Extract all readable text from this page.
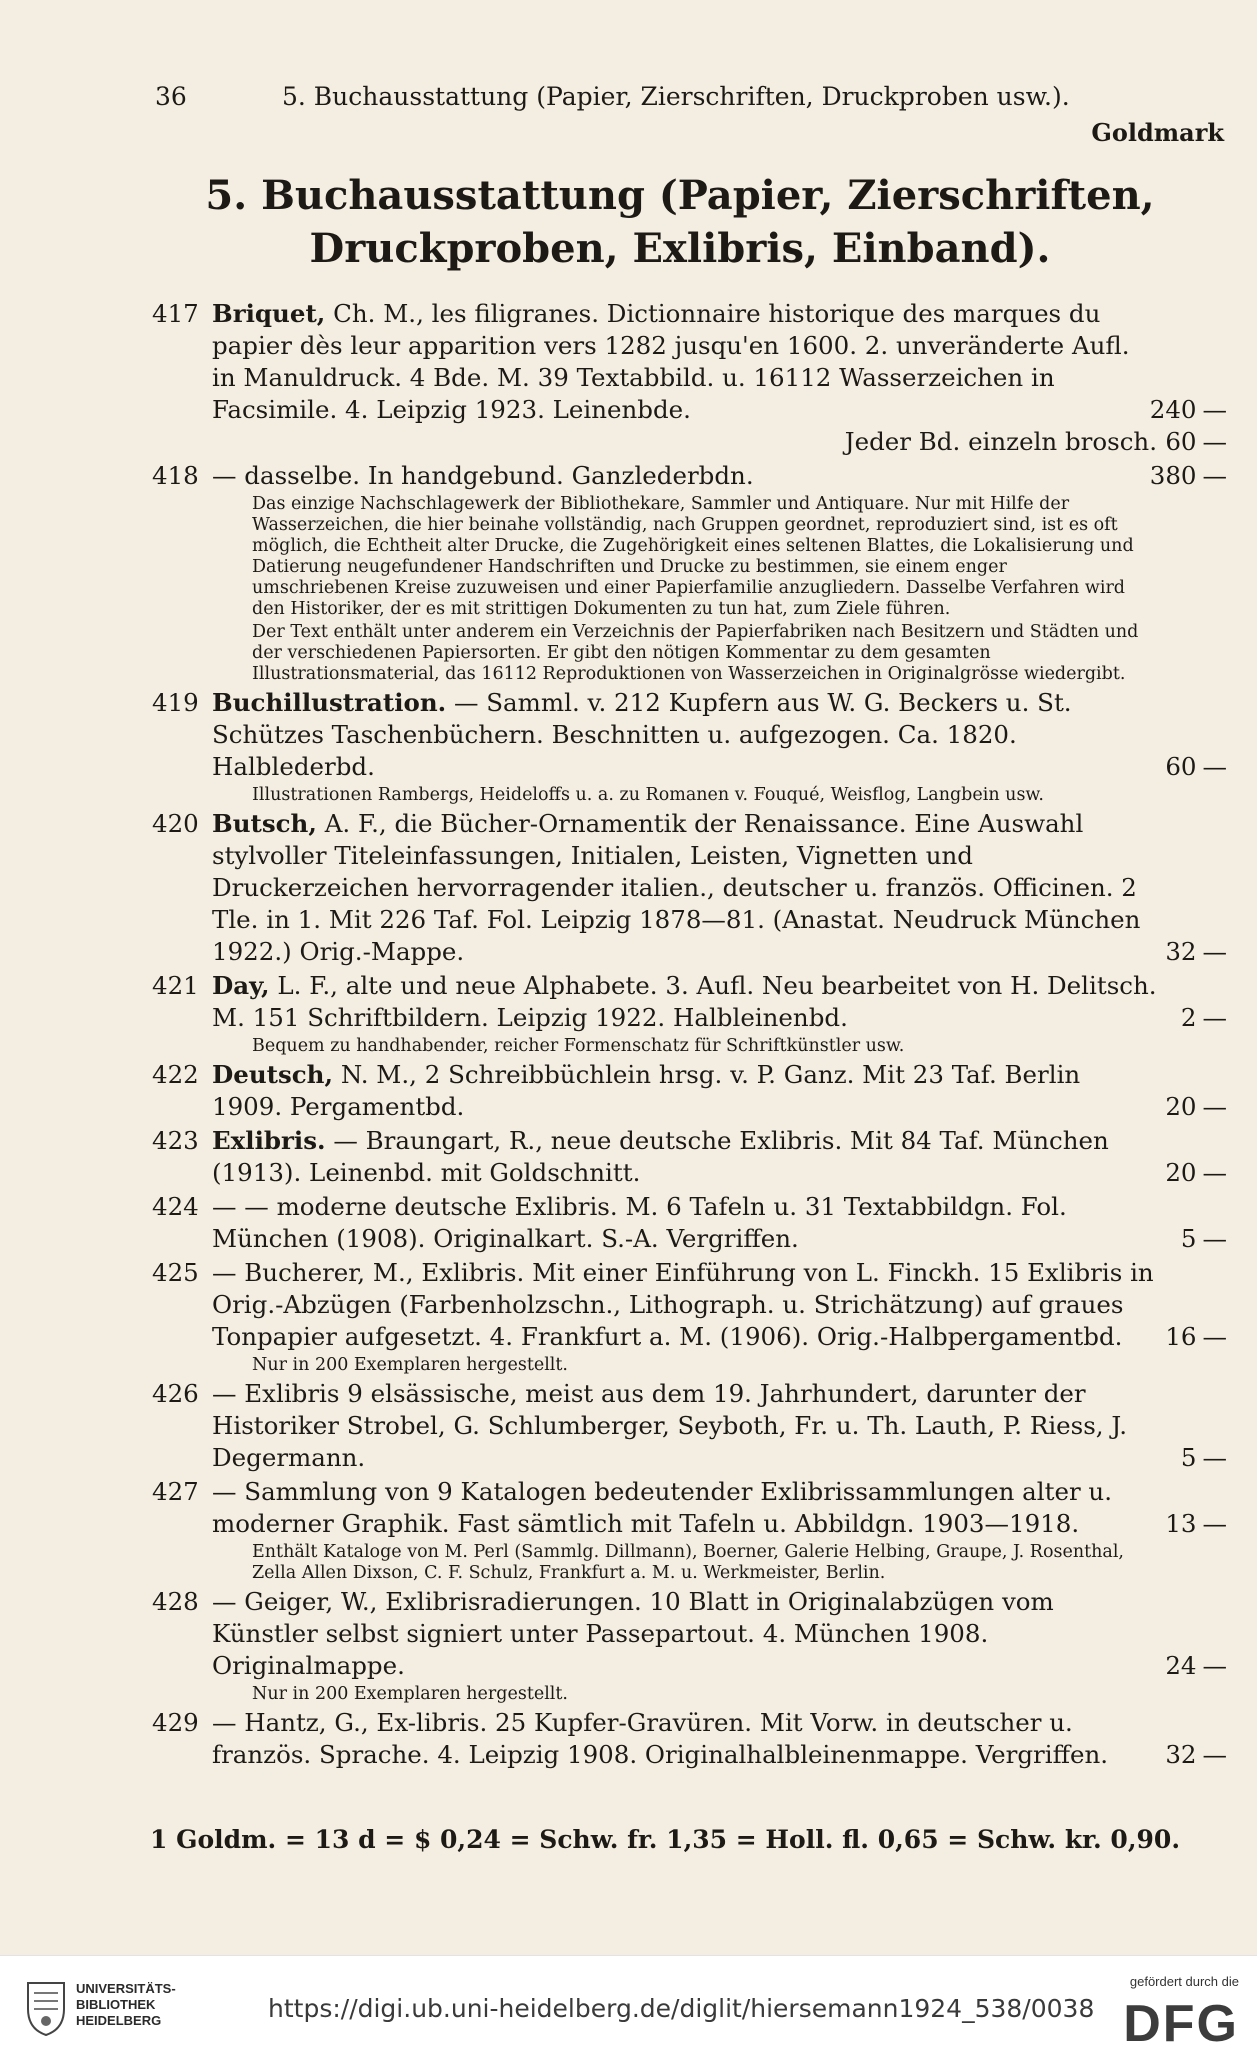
36	5. Buchausstattung (Papier, Zierschriften, Druckproben usw.).
Goldmark
5. Buchausstattung (Papier, Zierschriften,
Druckproben, Exlibris, Einband).
417 Briquet, Ch. M., les filigranes. Dictionnaire historique des marques du papier dès leur apparition vers 1282 jusqu'en 1600. 2. unveränderte Aufl. in Manuldruck. 4 Bde. M. 39 Textabbild. u. 16112 Wasserzeichen in Facsimile. 4. Leipzig 1923. Leinenbde.	240 —
Jeder Bd. einzeln brosch. 60 —
418 — dasselbe. In handgebund. Ganzlederbdn.	380 —
Das einzige Nachschlagewerk der Bibliothekare, Sammler und Antiquare. Nur mit Hilfe der Wasserzeichen, die hier beinahe vollständig, nach Gruppen geordnet, reproduziert sind, ist es oft möglich, die Echtheit alter Drucke, die Zugehörigkeit eines seltenen Blattes, die Lokalisierung und Datierung neugefundener Handschriften und Drucke zu bestimmen, sie einem enger umschriebenen Kreise zuzuweisen und einer Papierfamilie anzugliedern. Dasselbe Verfahren wird den Historiker, der es mit strittigen Dokumenten zu tun hat, zum Ziele führen.
Der Text enthält unter anderem ein Verzeichnis der Papierfabriken nach Besitzern und Städten und der verschiedenen Papiersorten. Er gibt den nötigen Kommentar zu dem gesamten Illustrationsmaterial, das 16112 Reproduktionen von Wasserzeichen in Originalgrösse wiedergibt.
419 Buchillustration. — Samml. v. 212 Kupfern aus W. G. Beckers u. St. Schützes Taschenbüchern. Beschnitten u. aufgezogen. Ca. 1820. Halblederbd.	60 —
Illustrationen Rambergs, Heideloffs u. a. zu Romanen v. Fouqué, Weisflog, Langbein usw.
420 Butsch, A. F., die Bücher-Ornamentik der Renaissance. Eine Auswahl stylvoller Titeleinfassungen, Initialen, Leisten, Vignetten und Druckerzeichen hervorragender italien., deutscher u. französ. Officinen. 2 Tle. in 1. Mit 226 Taf. Fol. Leipzig 1878—81. (Anastat. Neudruck München 1922.) Orig.-Mappe.	32 —
421 Day, L. F., alte und neue Alphabete. 3. Aufl. Neu bearbeitet von H. Delitsch. M. 151 Schriftbildern. Leipzig 1922. Halbleinenbd.	2 —
Bequem zu handhabender, reicher Formenschatz für Schriftkünstler usw.
422 Deutsch, N. M., 2 Schreibbüchlein hrsg. v. P. Ganz. Mit 23 Taf. Berlin 1909. Pergamentbd.	20 —
423 Exlibris. — Braungart, R., neue deutsche Exlibris. Mit 84 Taf. München (1913). Leinenbd. mit Goldschnitt.	20 —
424 — — moderne deutsche Exlibris. M. 6 Tafeln u. 31 Textabbildgn. Fol. München (1908). Originalkart. S.-A. Vergriffen.	5 —
425 — Bucherer, M., Exlibris. Mit einer Einführung von L. Finckh. 15 Exlibris in Orig.-Abzügen (Farbenholzschn., Lithograph. u. Strichätzung) auf graues Tonpapier aufgesetzt. 4. Frankfurt a. M. (1906). Orig.-Halbpergamentbd.	16 —
Nur in 200 Exemplaren hergestellt.
426 — Exlibris 9 elsässische, meist aus dem 19. Jahrhundert, darunter der Historiker Strobel, G. Schlumberger, Seyboth, Fr. u. Th. Lauth, P. Riess, J. Degermann.	5 —
427 — Sammlung von 9 Katalogen bedeutender Exlibrissammlungen alter u. moderner Graphik. Fast sämtlich mit Tafeln u. Abbildgn. 1903—1918.	13 —
Enthält Kataloge von M. Perl (Sammlg. Dillmann), Boerner, Galerie Helbing, Graupe, J. Rosenthal, Zella Allen Dixson, C. F. Schulz, Frankfurt a. M. u. Werkmeister, Berlin.
428 — Geiger, W., Exlibrisradierungen. 10 Blatt in Originalabzügen vom Künstler selbst signiert unter Passepartout. 4. München 1908. Originalmappe.	24 —
Nur in 200 Exemplaren hergestellt.
429 — Hantz, G., Ex-libris. 25 Kupfer-Gravüren. Mit Vorw. in deutscher u. französ. Sprache. 4. Leipzig 1908. Originalhalbleinenmappe. Vergriffen.	32 —
1 Goldm. = 13 d = $ 0,24 = Schw. fr. 1,35 = Holl. fl. 0,65 = Schw. kr. 0,90.
UNIVERSITÄTS-
BIBLIOTHEK
HEIDELBERG	https://digi.ub.uni-heidelberg.de/diglit/hiersemann1924_538/0038
gefördert durch die
DFG
